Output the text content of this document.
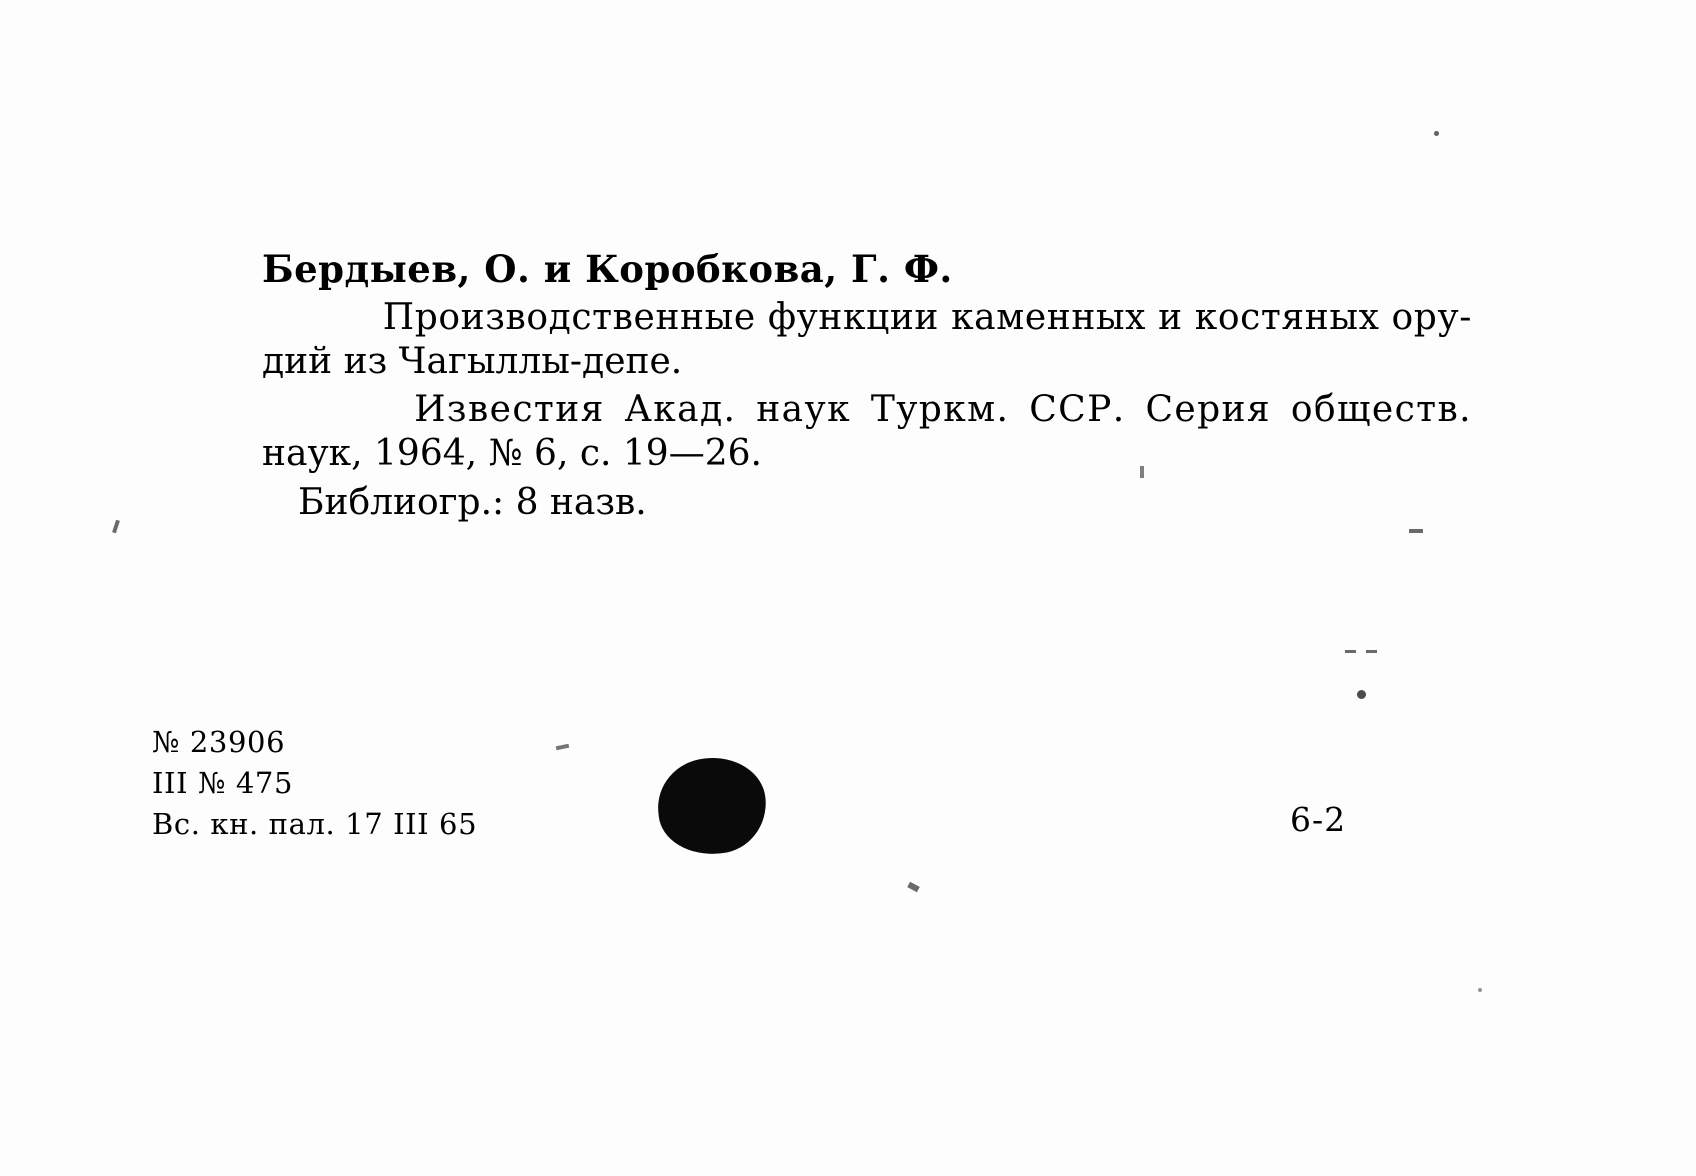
Бердыев, О. и Коробкова, Г. Ф.
Производственные функции каменных и костяных ору-
дий из Чагыллы-депе.
Известия Акад. наук Туркм. ССР. Серия обществ.
наук, 1964, № 6, с. 19—26.
Библиогр.: 8 назв.
№ 23906
III № 475
Вс. кн. пал. 17 III 65	6-2
